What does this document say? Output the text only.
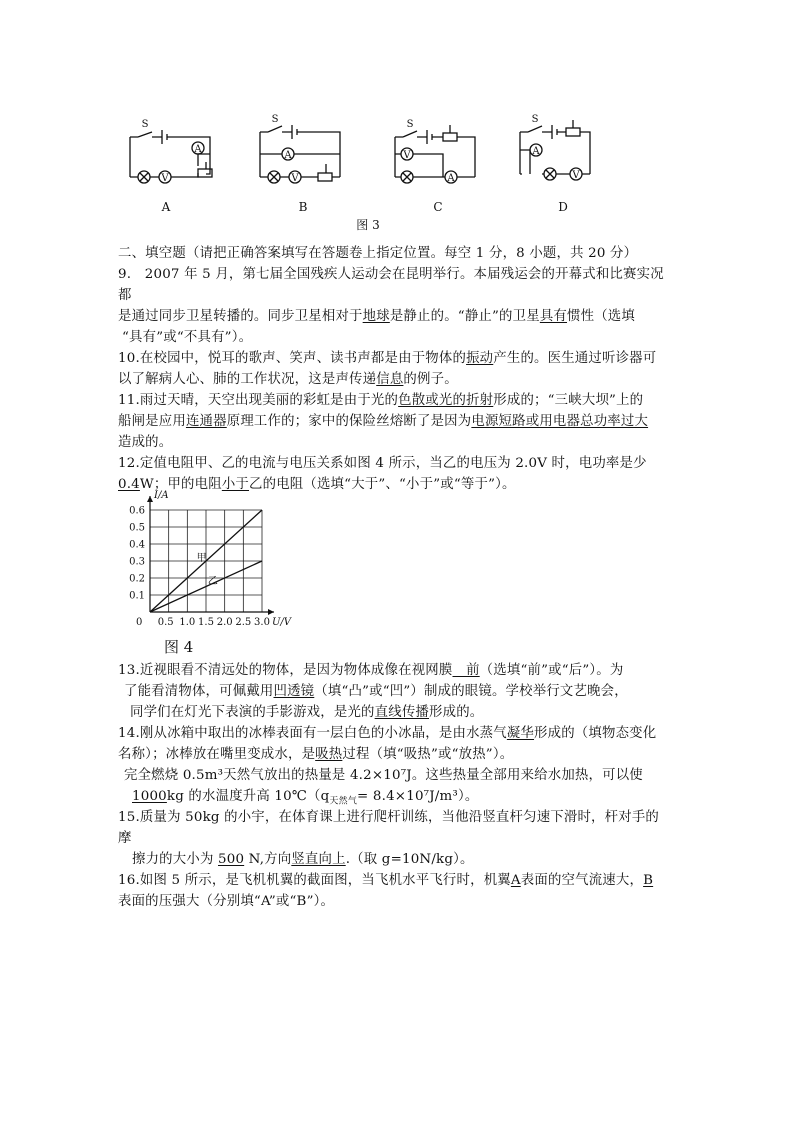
S
A
V
S
A
V
S
V
A
S
A
V
A	B	C	D
图 3
二、填空题（请把正确答案填写在答题卷上指定位置。每空 1 分，8 小题，共 20 分）
9.　2007 年 5 月，第七届全国残疾人运动会在昆明举行。本届残运会的开幕式和比赛实况
都
是通过同步卫星转播的。同步卫星相对于地球是静止的。“静止”的卫星具有惯性（选填
“具有”或“不具有”）。
10.在校园中，悦耳的歌声、笑声、读书声都是由于物体的振动产生的。医生通过听诊器可
以了解病人心、肺的工作状况，这是声传递信息的例子。
11.雨过天晴，天空出现美丽的彩虹是由于光的色散或光的折射形成的；“三峡大坝”上的
船闸是应用连通器原理工作的；家中的保险丝熔断了是因为电源短路或用电器总功率过大
造成的。
12.定值电阻甲、乙的电流与电压关系如图 4 所示，当乙的电压为 2.0V 时，电功率是少
0.4W；甲的电阻小于乙的电阻（选填“大于”、“小于”或“等于”）。
甲
乙
0.1
0.2
0.3
0.4
0.5
0.6
0.5 1.0 1.5 2.0 2.5 3.0
0	U/V
I/A
图 4
13.近视眼看不清远处的物体，是因为物体成像在视网膜　前（选填“前”或“后”）。为
了能看清物体，可佩戴用凹透镜（填“凸”或“凹”）制成的眼镜。学校举行文艺晚会，
同学们在灯光下表演的手影游戏，是光的直线传播形成的。
14.刚从冰箱中取出的冰棒表面有一层白色的小冰晶，是由水蒸气凝华形成的（填物态变化
名称）；冰棒放在嘴里变成水，是吸热过程（填“吸热”或“放热”）。
完全燃烧 0.5m³天然气放出的热量是 4.2×10⁷J。这些热量全部用来给水加热，可以使
1000kg 的水温度升高 $10℃(q_{天然气}= 8.4\times 10^7J/m^3)$。
15.质量为 50kg 的小宇，在体育课上进行爬杆训练，当他沿竖直杆匀速下滑时，杆对手的
摩
擦力的大小为 500 N,方向竖直向上.（取 g=10N/kg）。
16.如图 5 所示，是飞机机翼的截面图，当飞机水平飞行时，机翼A表面的空气流速大，B
表面的压强大（分别填“A”或“B”）。
